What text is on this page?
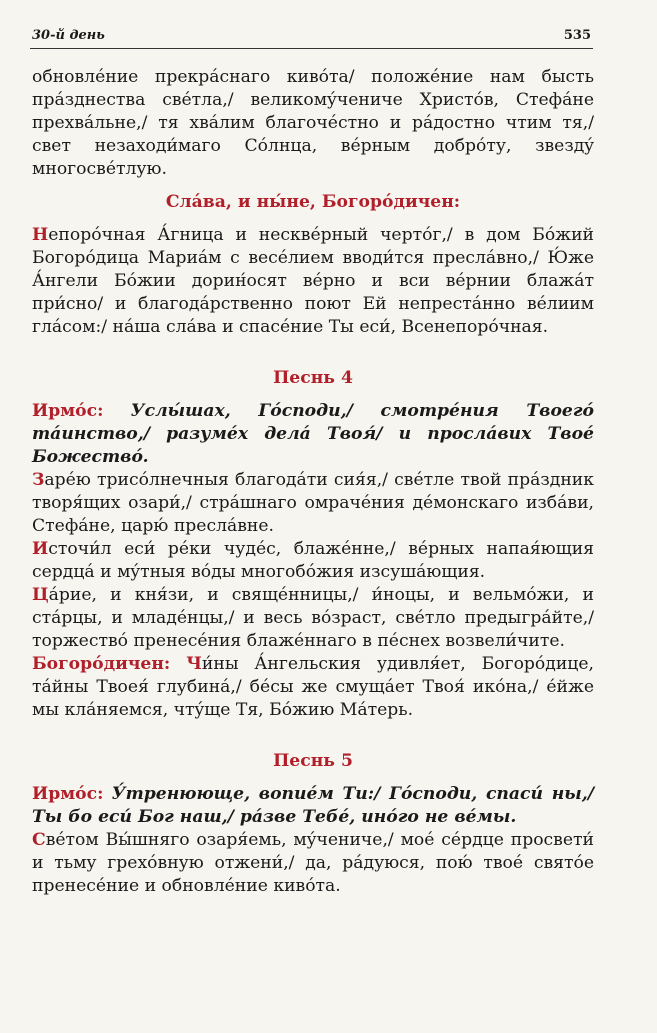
30-й день	535

обновлéние прекрáснаго кивóта/ положéние нам бысть прáзднества свéтла,/ великомýчениче Христóв, Стефáне прехвáльне,/ тя хвáлим благочéстно и рáдостно чтим тя,/ свет незаходи́маго Сóлнца, вéрным добрóту, звездý многосвéтлую.

Слáва, и ны́не, Богорóдичен:

Непорóчная А́гница и несквéрный чертóг,/ в дом Бóжий Богорóдица Мариáм с весéлием вводи́тся преслáвно,/ Ю́же А́нгели Бóжии дорин́осят вéрно и вси вéрнии блажáт при́сно/ и благодáрственно поют Ей непрестáнно вéлиим глáсом:/ нáша слáва и спасéние Ты еси́, Всенепорóчная.

Песнь 4

Ирмóс: Услы́шах, Гóсподи,/ смотрéния Твоегó тáинство,/ разумéх делá Твоя́/ и прослáвих Твоé Божествó.

Зарéю трисóлнечныя благодáти сия́я,/ свéтле твой прáздник творя́щих озари́,/ стрáшнаго омрачéния дéмонскаго избáви, Стефáне, царю́ преслáвне.

Источи́л еси́ рéки чудéс, блажéнне,/ вéрных напая́ющия сердцá и мýтныя вóды многобóжия изсушáющия.

Цáрие, и кня́зи, и свящéнницы,/ и́ноцы, и вельмóжи, и стáрцы, и младéнцы,/ и весь вóзраст, свéтло предыгрáйте,/ торжествó пренесéния блажéннаго в пéснех возвели́чите.

Богорóдичен: Чи́ны А́нгельския удивля́ет, Богорóдице, тáйны Твоея́ глубинá,/ бéсы же смущáет Твоя́ икóна,/ е́йже мы кла́няемся, чтýще Тя, Бóжию Мáтерь.

Песнь 5

Ирмóс: У́тренююще, вопиéм Ти:/ Гóсподи, спаси́ ны,/ Ты бо еси́ Бог наш,/ рáзве Тебé, инóго не вéмы.

Свéтом Вы́шняго озаря́емь, мýчениче,/ моé сéрдце просвети́ и тьму грехóвную отжени́,/ да, рáдуюся, пою́ твоé святóе пренесéние и обновлéние кивóта.
